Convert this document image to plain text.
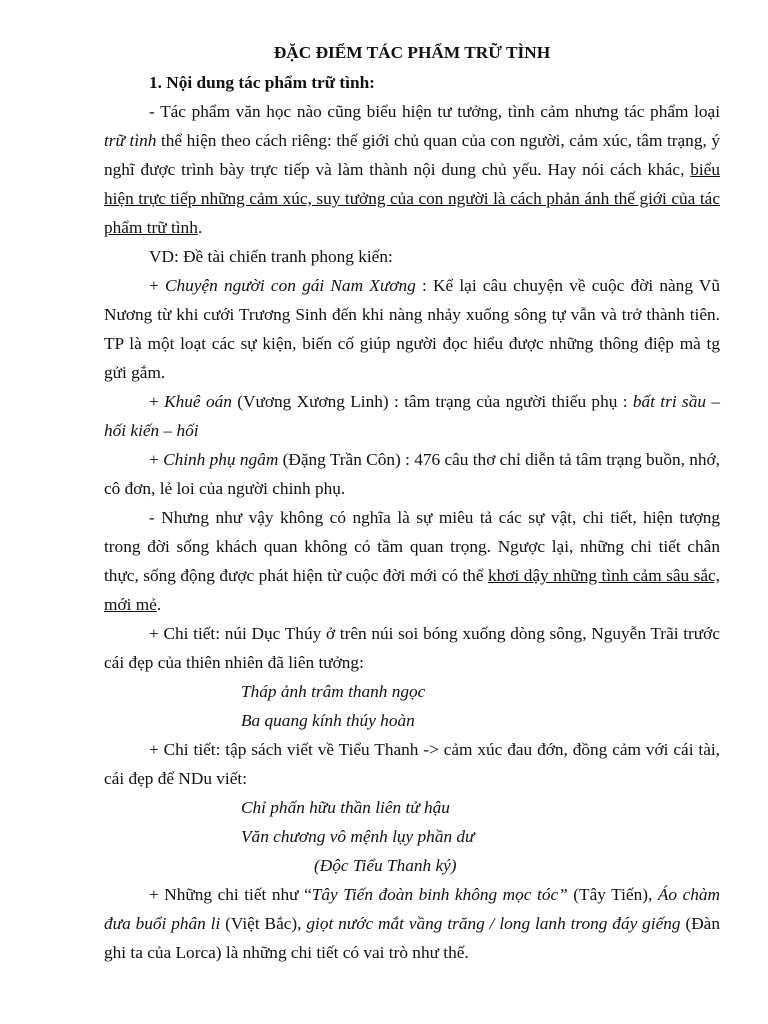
ĐẶC ĐIỂM TÁC PHẨM TRỮ TÌNH

1. Nội dung tác phẩm trữ tình:

- Tác phẩm văn học nào cũng biểu hiện tư tưởng, tình cảm nhưng tác phẩm loại trữ tình thể hiện theo cách riêng: thế giới chủ quan của con người, cảm xúc, tâm trạng, ý nghĩ được trình bày trực tiếp và làm thành nội dung chủ yếu. Hay nói cách khác, biểu hiện trực tiếp những cảm xúc, suy tưởng của con người là cách phản ánh thế giới của tác phẩm trữ tình.

VD: Đề tài chiến tranh phong kiến:

+ Chuyện người con gái Nam Xương : Kể lại câu chuyện về cuộc đời nàng Vũ Nương từ khi cưới Trương Sinh đến khi nàng nhảy xuống sông tự vẫn và trở thành tiên. TP là một loạt các sự kiện, biến cố giúp người đọc hiểu được những thông điệp mà tg gửi gắm.

+ Khuê oán (Vương Xương Linh) : tâm trạng của người thiếu phụ : bất tri sầu – hối kiến – hối

+ Chinh phụ ngâm (Đặng Trần Côn) : 476 câu thơ chỉ diễn tả tâm trạng buồn, nhớ, cô đơn, lẻ loi của người chinh phụ.

- Nhưng như vậy không có nghĩa là sự miêu tả các sự vật, chi tiết, hiện tượng trong đời sống khách quan không có tầm quan trọng. Ngược lại, những chi tiết chân thực, sống động được phát hiện từ cuộc đời mới có thể khơi dậy những tình cảm sâu sắc, mới mẻ.

+ Chi tiết: núi Dục Thúy ở trên núi soi bóng xuống dòng sông, Nguyễn Trãi trước cái đẹp của thiên nhiên đã liên tưởng:

Tháp ảnh trâm thanh ngọc

Ba quang kính thúy hoàn

+ Chi tiết: tập sách viết về Tiểu Thanh -> cảm xúc đau đớn, đồng cảm với cái tài, cái đẹp để NDu viết:

Chỉ phấn hữu thần liên tử hậu

Văn chương vô mệnh lụy phần dư

(Độc Tiểu Thanh ký)

+ Những chi tiết như “Tây Tiến đoàn binh không mọc tóc” (Tây Tiến), Áo chàm đưa buổi phân li (Việt Bắc), giọt nước mắt vầng trăng / long lanh trong đáy giếng (Đàn ghi ta của Lorca) là những chi tiết có vai trò như thế.
